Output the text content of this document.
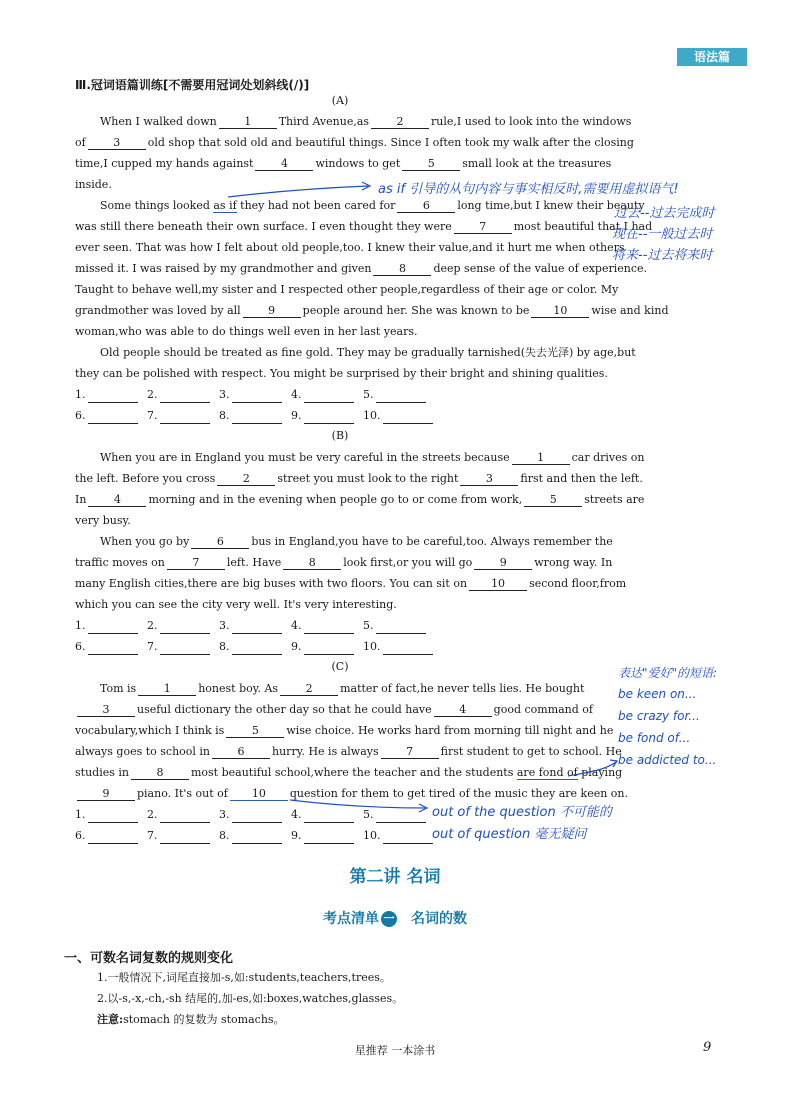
语法篇
Ⅲ.冠词语篇训练[不需要用冠词处划斜线(/)]
(A)
When I walked down	1	Third Avenue,as	2	rule,I used to look into the windows
of	3	old shop that sold old and beautiful things. Since I often took my walk after the closing
time,I cupped my hands against	4	windows to get	5	small look at the treasures
inside.
Some things looked as if they had not been cared for	6	long time,but I knew their beauty
was still there beneath their own surface. I even thought they were	7	most beautiful that I had
ever seen. That was how I felt about old people,too. I knew their value,and it hurt me when others
missed it. I was raised by my grandmother and given	8	deep sense of the value of experience.
Taught to behave well,my sister and I respected other people,regardless of their age or color. My
grandmother was loved by all	9	people around her. She was known to be 10 wise and kind
woman,who was able to do things well even in her last years.
Old people should be treated as fine gold. They may be gradually tarnished(失去光泽) by age,but
they can be polished with respect. You might be surprised by their bright and shining qualities.
1.	2.	3.	4.	5.
6.	7.	8.	9.	10.
(B)
When you are in England you must be very careful in the streets because	1	car drives on
the left. Before you cross	2	street you must look to the right	3	first and then the left.
In	4	morning and in the evening when people go to or come from work,	5	streets are
very busy.
When you go by	6	bus in England,you have to be careful,too. Always remember the
traffic moves on	7	left. Have	8	look first,or you will go	9	wrong way. In
many English cities,there are big buses with two floors. You can sit on 10 second floor,from
which you can see the city very well. It's very interesting.
1.	2.	3.	4.	5.
6.	7.	8.	9.	10.
(C)
Tom is	1	honest boy. As	2	matter of fact,he never tells lies. He bought
3	useful dictionary the other day so that he could have	4	good command of
vocabulary,which I think is	5	wise choice. He works hard from morning till night and he
always goes to school in	6	hurry. He is always	7	first student to get to school. He
studies in	8	most beautiful school,where the teacher and the students are fond of playing
9	piano. It's out of 10 question for them to get tired of the music they are keen on.
1.	2.	3.	4.	5.
6.	7.	8.	9.	10.
as if 引导的从句内容与事实相反时,需要用虚拟语气!
过去--过去完成时
现在--一般过去时
将来--过去将来时
表达"爱好"的短语:
be keen on...
be crazy for...
be fond of...
be addicted to...
out of the question 不可能的
out of question 毫无疑问
第二讲 名词
考点清单 一 名词的数
一、可数名词复数的规则变化
1.一般情况下,词尾直接加-s,如:students,teachers,trees。
2.以-s,-x,-ch,-sh 结尾的,加-es,如:boxes,watches,glasses。
注意:stomach 的复数为 stomachs。
星推荐 一本涂书	9
